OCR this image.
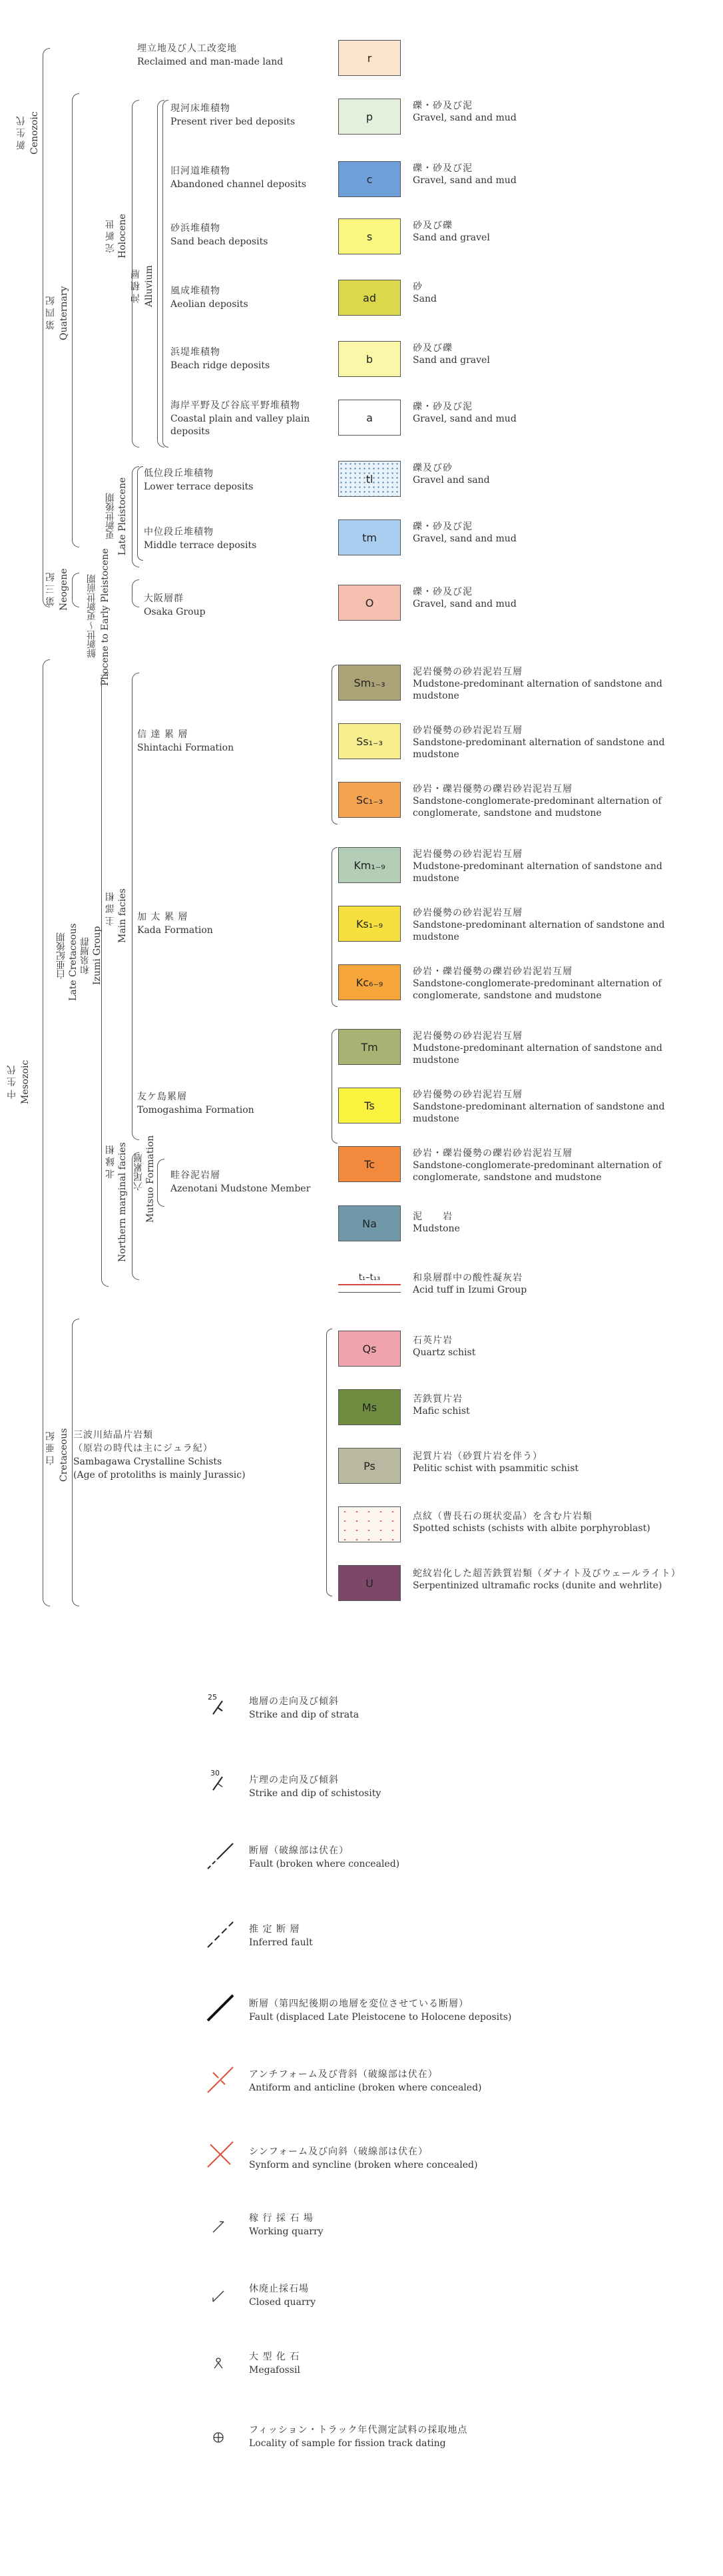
新 生 代 Cenozoic
第 四 紀 Quaternary
完 新 世 Holocene
沖 積 層 Alluvium
更新世後期 Late Pleistocene
第 三 紀 Neogene 鮮新世～更新世前期 Pliocene to Early Pleistocene
中 生 代 Mesozoic
白亜紀後期 Late Cretaceous 和泉層群 Izumi Group
主 部 相 Main facies
北 縁 相 Northern marginal facies 六尾累層 Mutsuo Formation
白 亜 紀 Cretaceous
埋立地及び人工改変地
Reclaimed and man-made land
現河床堆積物
Present river bed deposits
旧河道堆積物
Abandoned channel deposits
砂浜堆積物
Sand beach deposits
風成堆積物
Aeolian deposits
浜堤堆積物
Beach ridge deposits
海岸平野及び谷底平野堆積物
Coastal plain and valley plain deposits
低位段丘堆積物
Lower terrace deposits
中位段丘堆積物
Middle terrace deposits
大阪層群
Osaka Group
信 達 累 層
Shintachi Formation
加 太 累 層
Kada Formation
友ケ島累層
Tomogashima Formation
畦谷泥岩層
Azenotani Mudstone Member
三波川結晶片岩類
（原岩の時代は主にジュラ紀）
Sambagawa Crystalline Schists
(Age of protoliths is mainly Jurassic)
r
p
c
s
ad
b
a
tl
tm
O
Sm₁₋₃
Ss₁₋₃
Sc₁₋₃
Km₁₋₉
Ks₁₋₉
Kc₆₋₉
Tm
Ts
Tc
Na
t₁–t₁₃
Qs
Ms
Ps
U
礫・砂及び泥
Gravel, sand and mud
礫・砂及び泥
Gravel, sand and mud
砂及び礫
Sand and gravel
砂
Sand
砂及び礫
Sand and gravel
礫・砂及び泥
Gravel, sand and mud
礫及び砂
Gravel and sand
礫・砂及び泥
Gravel, sand and mud
礫・砂及び泥
Gravel, sand and mud
泥岩優勢の砂岩泥岩互層
Mudstone-predominant alternation of sandstone and mudstone
砂岩優勢の砂岩泥岩互層
Sandstone-predominant alternation of sandstone and mudstone
砂岩・礫岩優勢の礫岩砂岩泥岩互層
Sandstone-conglomerate-predominant alternation of conglomerate, sandstone and mudstone
泥岩優勢の砂岩泥岩互層
Mudstone-predominant alternation of sandstone and mudstone
砂岩優勢の砂岩泥岩互層
Sandstone-predominant alternation of sandstone and mudstone
砂岩・礫岩優勢の礫岩砂岩泥岩互層
Sandstone-conglomerate-predominant alternation of conglomerate, sandstone and mudstone
泥岩優勢の砂岩泥岩互層
Mudstone-predominant alternation of sandstone and mudstone
砂岩優勢の砂岩泥岩互層
Sandstone-predominant alternation of sandstone and mudstone
砂岩・礫岩優勢の礫岩砂岩泥岩互層
Sandstone-conglomerate-predominant alternation of conglomerate, sandstone and mudstone
泥　　岩
Mudstone
和泉層群中の酸性凝灰岩
Acid tuff in Izumi Group
石英片岩
Quartz schist
苦鉄質片岩
Mafic schist
泥質片岩（砂質片岩を伴う）
Pelitic schist with psammitic schist
点紋（曹長石の斑状変晶）を含む片岩類
Spotted schists (schists with albite porphyroblast)
蛇紋岩化した超苦鉄質岩類（ダナイト及びウェールライト）
Serpentinized ultramafic rocks (dunite and wehrlite)
25	地層の走向及び傾斜
Strike and dip of strata
30
片理の走向及び傾斜
Strike and dip of schistosity
断層（破線部は伏在）
Fault (broken where concealed)
推 定 断 層
Inferred fault
断層（第四紀後期の地層を変位させている断層）
Fault (displaced Late Pleistocene to Holocene deposits)
アンチフォーム及び背斜（破線部は伏在）
Antiform and anticline (broken where concealed)
シンフォーム及び向斜（破線部は伏在）
Synform and syncline (broken where concealed)
稼 行 採 石 場
Working quarry
休廃止採石場
Closed quarry
大 型 化 石
Megafossil
フィッション・トラック年代測定試料の採取地点
Locality of sample for fission track dating
